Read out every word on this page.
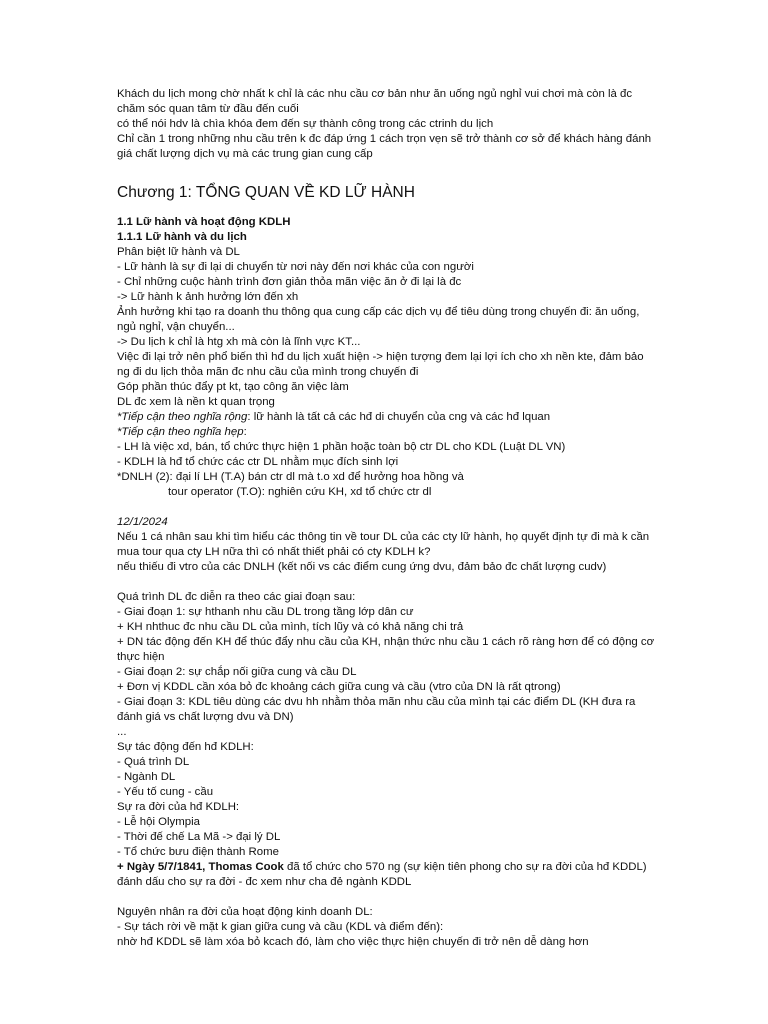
Khách du lịch mong chờ nhất k chỉ là các nhu cầu cơ bản như ăn uống ngủ nghỉ vui chơi mà còn là đc chăm sóc quan tâm từ đầu đến cuối

có thể nói hdv là chìa khóa đem đến sự thành công trong các ctrinh du lịch

Chỉ cần 1 trong những nhu cầu trên k đc đáp ứng 1 cách trọn vẹn sẽ trở thành cơ sở để khách hàng đánh giá chất lượng dịch vụ mà các trung gian cung cấp

Chương 1: TỔNG QUAN VỀ KD LỮ HÀNH

1.1 Lữ hành và hoạt động KDLH

1.1.1 Lữ hành và du lịch

Phân biệt lữ hành và DL

- Lữ hành là sự đi lại di chuyển từ nơi này đến nơi khác của con người

- Chỉ những cuộc hành trình đơn giản thỏa mãn việc ăn ở đi lại là đc

-> Lữ hành k ảnh hưởng lớn đến xh

Ảnh hưởng khi tạo ra doanh thu thông qua cung cấp các dịch vụ để tiêu dùng trong chuyến đi: ăn uống, ngủ nghỉ, vận chuyển...

-> Du lịch k chỉ là htg xh mà còn là lĩnh vực KT...

Việc đi lại trở nên phổ biến thì hđ du lịch xuất hiện -> hiện tượng đem lại lợi ích cho xh nền kte, đảm bảo ng đi du lịch thỏa mãn đc nhu cầu của mình trong chuyến đi

Góp phần thúc đẩy pt kt, tạo công ăn việc làm

DL đc xem là nền kt quan trọng

*Tiếp cận theo nghĩa rộng: lữ hành là tất cả các hđ di chuyển của cng và các hđ lquan

*Tiếp cận theo nghĩa hẹp:

- LH là việc xd, bán, tổ chức thực hiện 1 phần hoặc toàn bộ ctr DL cho KDL (Luật DL VN)

- KDLH là hđ tổ chức các ctr DL nhằm mục đích sinh lợi

*DNLH (2): đại lí LH (T.A) bán ctr dl mà t.o xd để hưởng hoa hồng và

tour operator (T.O): nghiên cứu KH, xd tổ chức ctr dl

12/1/2024

Nếu 1 cá nhân sau khi tìm hiểu các thông tin về tour DL của các cty lữ hành, họ quyết định tự đi mà k cần mua tour qua cty LH nữa thì có nhất thiết phải có cty KDLH k?

nếu thiếu đi vtro của các DNLH (kết nối vs các điểm cung ứng dvu, đảm bảo đc chất lượng cudv)

Quá trình DL đc diễn ra theo các giai đoạn sau:

- Giai đoạn 1: sự hthanh nhu cầu DL trong tầng lớp dân cư

+ KH nhthuc đc nhu cầu DL của mình, tích lũy và có khả năng chi trả

+ DN tác động đến KH để thúc đẩy nhu cầu của KH, nhận thức nhu cầu 1 cách rõ ràng hơn để có động cơ thực hiện

- Giai đoạn 2: sự chắp nối giữa cung và cầu DL

+ Đơn vị KDDL cần xóa bỏ đc khoảng cách giữa cung và cầu (vtro của DN là rất qtrong)

- Giai đoạn 3: KDL tiêu dùng các dvu hh nhằm thỏa mãn nhu cầu của mình tại các điểm DL (KH đưa ra đánh giá vs chất lượng dvu và DN)

...

Sự tác động đến hđ KDLH:

- Quá trình DL

- Ngành DL

- Yếu tố cung - cầu

Sự ra đời của hđ KDLH:

- Lễ hội Olympia

- Thời đế chế La Mã -> đại lý DL

- Tổ chức bưu điện thành Rome

+ Ngày 5/7/1841, Thomas Cook đã tổ chức cho 570 ng (sự kiện tiên phong cho sự ra đời của hđ KDDL) đánh dấu cho sự ra đời - đc xem như cha đẻ ngành KDDL

Nguyên nhân ra đời của hoạt động kinh doanh DL:

- Sự tách rời về mặt k gian giữa cung và cầu (KDL và điểm đến):

nhờ hđ KDDL sẽ làm xóa bỏ kcach đó, làm cho việc thực hiện chuyến đi trở nên dễ dàng hơn
